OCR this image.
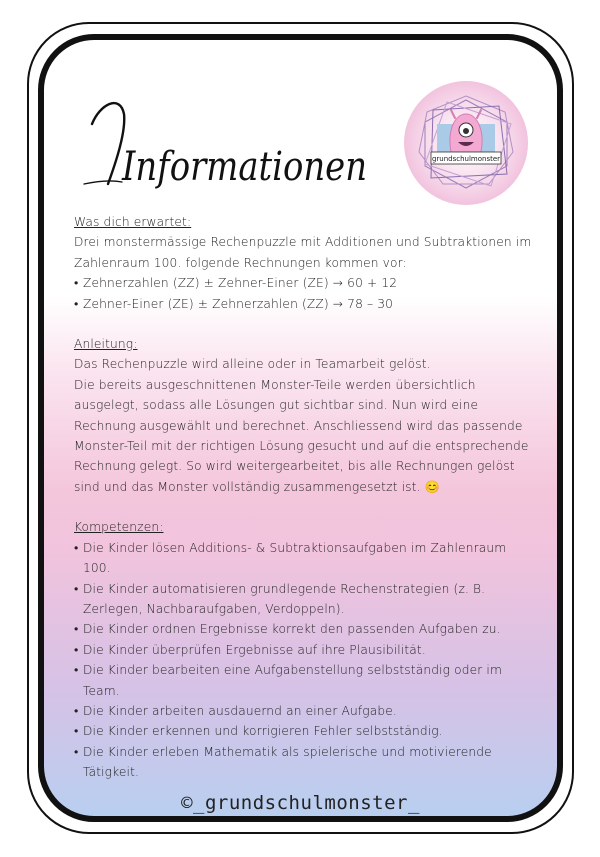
Informationen	grundschulmonster
Was dich erwartet:
Drei monstermässige Rechenpuzzle mit Additionen und Subtraktionen im Zahlenraum 100. folgende Rechnungen kommen vor:
• Zehnerzahlen (ZZ) ± Zehner-Einer (ZE) → 60 + 12
• Zehner-Einer (ZE) ± Zehnerzahlen (ZZ) → 78 – 30
Anleitung:
Das Rechenpuzzle wird alleine oder in Teamarbeit gelöst.
Die bereits ausgeschnittenen Monster-Teile werden übersichtlich ausgelegt, sodass alle Lösungen gut sichtbar sind. Nun wird eine Rechnung ausgewählt und berechnet. Anschliessend wird das passende Monster-Teil mit der richtigen Lösung gesucht und auf die entsprechende Rechnung gelegt. So wird weitergearbeitet, bis alle Rechnungen gelöst sind und das Monster vollständig zusammengesetzt ist. 😊
Kompetenzen:
• Die Kinder lösen Additions- & Subtraktionsaufgaben im Zahlenraum 100.
• Die Kinder automatisieren grundlegende Rechenstrategien (z. B. Zerlegen, Nachbaraufgaben, Verdoppeln).
• Die Kinder ordnen Ergebnisse korrekt den passenden Aufgaben zu.
• Die Kinder überprüfen Ergebnisse auf ihre Plausibilität.
• Die Kinder bearbeiten eine Aufgabenstellung selbstständig oder im Team.
• Die Kinder arbeiten ausdauernd an einer Aufgabe.
• Die Kinder erkennen und korrigieren Fehler selbstständig.
• Die Kinder erleben Mathematik als spielerische und motivierende Tätigkeit.
©_grundschulmonster_
